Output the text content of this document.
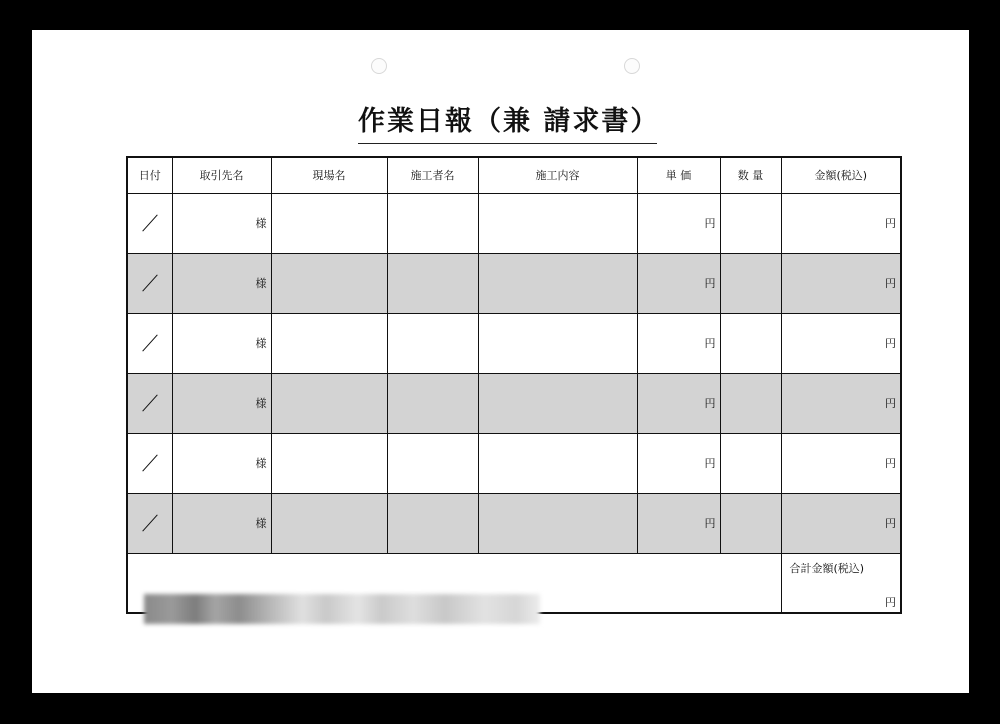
作業日報（兼 請求書）
日付	取引先名	現場名	施工者名	施工内容	単 価	数 量	金額(税込)

	様				円		円

	様				円		円

	様				円		円

	様				円		円

	様				円		円

	様				円		円

							合計金額(税込)
円
